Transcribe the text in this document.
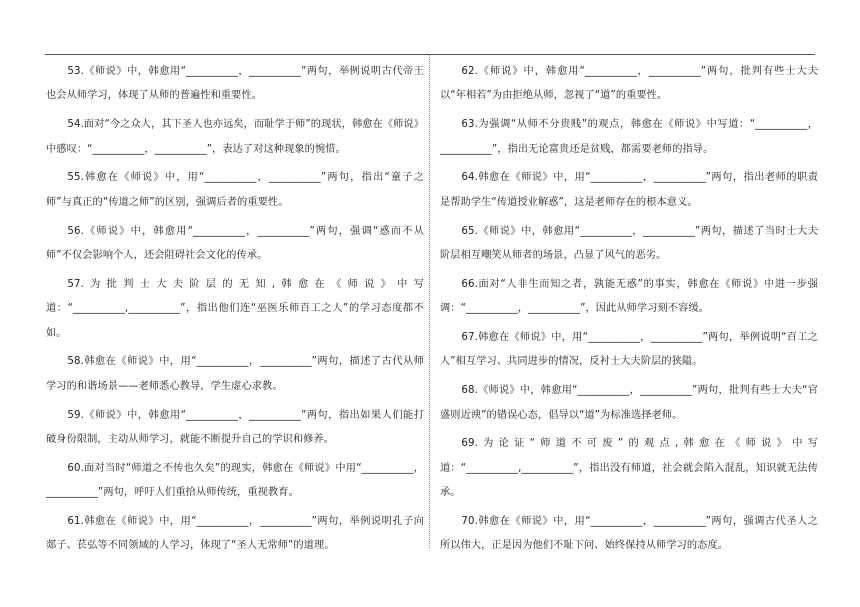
53.《师说》中，韩愈用“__________，__________”两句，举例说明古代帝王也会从师学习，体现了从师的普遍性和重要性。

54.面对“今之众人，其下圣人也亦远矣，而耻学于师”的现状，韩愈在《师说》中感叹：“__________，__________”，表达了对这种现象的惋惜。

55.韩愈在《师说》中，用“__________，__________”两句，指出“童子之师”与真正的“传道之师”的区别，强调后者的重要性。

56.《师说》中，韩愈用“__________，__________”两句，强调“惑而不从师”不仅会影响个人，还会阻碍社会文化的传承。

57.为批判士大夫阶层的无知,韩愈在《师说》中写道：“__________,__________”，指出他们连“巫医乐师百工之人”的学习态度都不如。

58.韩愈在《师说》中，用“__________，__________”两句，描述了古代从师学习的和谐场景——老师悉心教导，学生虚心求教。

59.《师说》中，韩愈用“__________，__________”两句，指出如果人们能打破身份限制，主动从师学习，就能不断提升自己的学识和修养。

60.面对当时“师道之不传也久矣”的现实，韩愈在《师说》中用“__________，__________”两句，呼吁人们重拾从师传统，重视教育。

61.韩愈在《师说》中，用“__________，__________”两句，举例说明孔子向郯子、苌弘等不同领域的人学习，体现了“圣人无常师”的道理。

62.《师说》中，韩愈用“__________，__________”两句，批判有些士大夫以“年相若”为由拒绝从师，忽视了“道”的重要性。

63.为强调“从师不分贵贱”的观点，韩愈在《师说》中写道：“__________，__________”，指出无论富贵还是贫贱，都需要老师的指导。

64.韩愈在《师说》中，用“__________，__________”两句，指出老师的职责是帮助学生“传道授业解惑”，这是老师存在的根本意义。

65.《师说》中，韩愈用“__________，__________”两句，描述了当时士大夫阶层相互嘲笑从师者的场景，凸显了风气的恶劣。

66.面对“人非生而知之者，孰能无惑”的事实，韩愈在《师说》中进一步强调：“__________，__________”，因此从师学习刻不容缓。

67.韩愈在《师说》中，用“__________，__________”两句，举例说明“百工之人”相互学习、共同进步的情况，反衬士大夫阶层的狭隘。

68.《师说》中，韩愈用“__________，__________”两句，批判有些士大夫“官盛则近谀”的错误心态，倡导以“道”为标准选择老师。

69.为论证“师道不可废”的观点,韩愈在《师说》中写道：“__________,__________”，指出没有师道，社会就会陷入混乱，知识就无法传承。

70.韩愈在《师说》中，用“__________，__________”两句，强调古代圣人之所以伟大，正是因为他们不耻下问、始终保持从师学习的态度。
